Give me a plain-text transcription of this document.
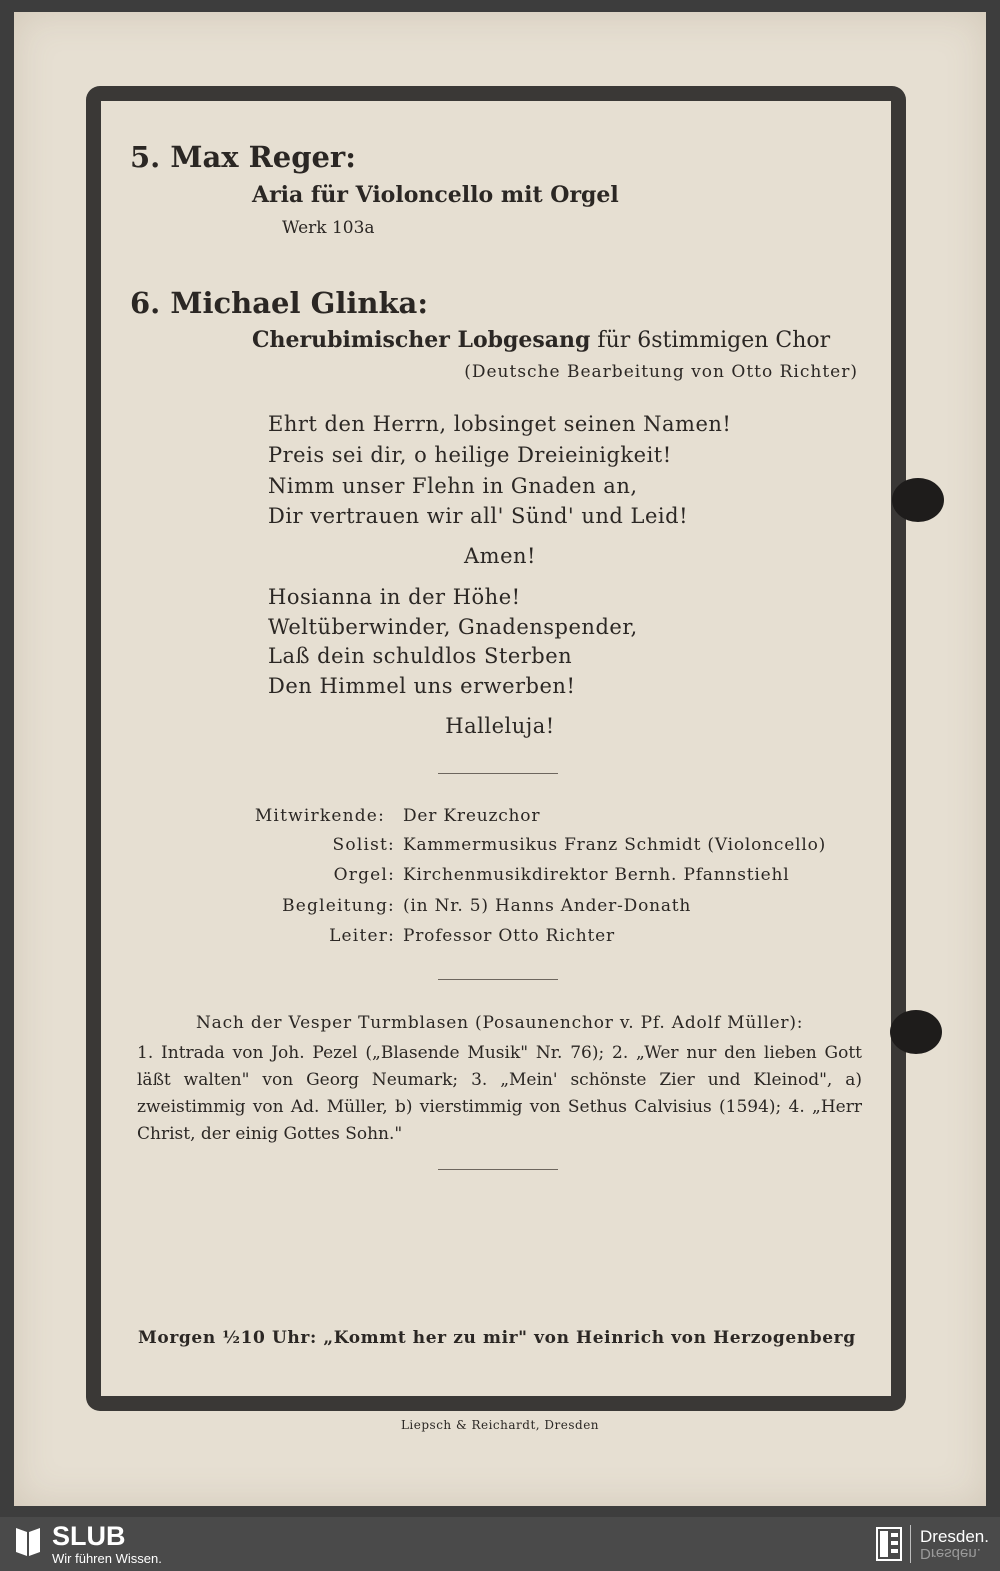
5. Max Reger:
Aria für Violoncello mit Orgel
Werk 103a
6. Michael Glinka:
Cherubimischer Lobgesang für 6stimmigen Chor
(Deutsche Bearbeitung von Otto Richter)
Ehrt den Herrn, lobsinget seinen Namen!
Preis sei dir, o heilige Dreieinigkeit!
Nimm unser Flehn in Gnaden an,
Dir vertrauen wir all' Sünd' und Leid!
Amen!
Hosianna in der Höhe!
Weltüberwinder, Gnadenspender,
Laß dein schuldlos Sterben
Den Himmel uns erwerben!
Halleluja!
Mitwirkende: Der Kreuzchor
Solist: Kammermusikus Franz Schmidt (Violoncello)
Orgel: Kirchenmusikdirektor Bernh. Pfannstiehl
Begleitung: (in Nr. 5) Hanns Ander-Donath
Leiter: Professor Otto Richter
Nach der Vesper Turmblasen (Posaunenchor v. Pf. Adolf Müller):
1. Intrada von Joh. Pezel („Blasende Musik" Nr. 76); 2. „Wer nur den lieben Gott läßt walten" von Georg Neumark; 3. „Mein' schönste Zier und Kleinod", a) zweistimmig von Ad. Müller, b) vierstimmig von Sethus Calvisius (1594); 4. „Herr Christ, der einig Gottes Sohn."
Morgen ½10 Uhr: „Kommt her zu mir" von Heinrich von Herzogenberg
Liepsch & Reichardt, Dresden
SLUB
Wir führen Wissen.
Dresden.
Dresden.
